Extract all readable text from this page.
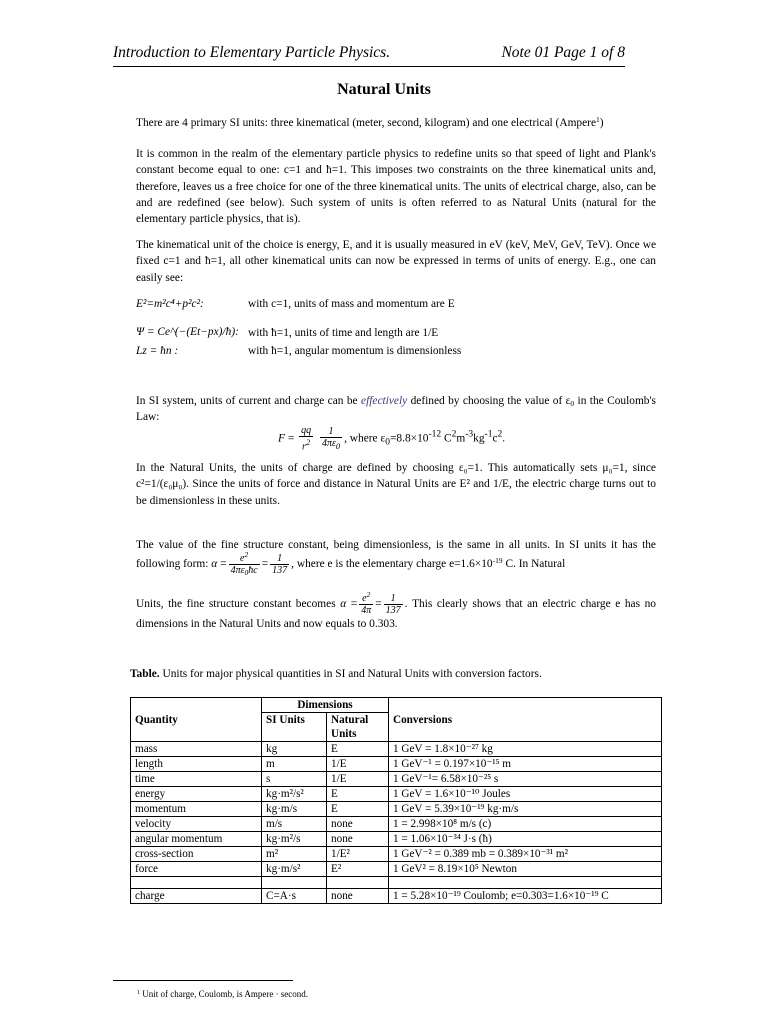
Introduction to Elementary Particle Physics.	Note 01 Page 1 of 8
Natural Units
There are 4 primary SI units: three kinematical (meter, second, kilogram) and one electrical (Ampere$^1$)
It is common in the realm of the elementary particle physics to redefine units so that speed of light and Plank's constant become equal to one: c=1 and ħ=1. This imposes two constraints on the three kinematical units and, therefore, leaves us a free choice for one of the three kinematical units. The units of electrical charge, also, can be and are redefined (see below). Such system of units is often referred to as Natural Units (natural for the elementary particle physics, that is).
The kinematical unit of the choice is energy, E, and it is usually measured in eV (keV, MeV, GeV, TeV). Once we fixed c=1 and ħ=1, all other kinematical units can now be expressed in terms of units of energy. E.g., one can easily see:
E²=m²c⁴+p²c²:	with c=1, units of mass and momentum are E
Ψ = Ce^(−(Et−px)/ħ): with ħ=1, units of time and length are 1/E
Lz = ħn :	with ħ=1, angular momentum is dimensionless
In SI system, units of current and charge can be effectively defined by choosing the value of $\varepsilon_0$ in the Coulomb's Law:
$F = \frac{qq}{r^2}$
$\frac{1}{4\pi\varepsilon_0}$ , where $\varepsilon_0=8.8\times 10^{-12}$ $C^2m^{-3}kg^{-1}c^2$.
In the Natural Units, the units of charge are defined by choosing ε₀=1. This automatically sets μ₀=1, since c²=1/(ε₀μ₀). Since the units of force and distance in Natural Units are E² and 1/E, the electric charge turns out to be dimensionless in these units.
The value of the fine structure constant, being dimensionless, is the same in all units. In SI units it has the following form: $\alpha = \frac{e^2}{4\pi\varepsilon_0ħc} = \frac{1}{137}$ , where e is the elementary charge $e=1.6\times 10^{-19}$ C. In Natural
Units, the fine structure constant becomes $\alpha = \frac{e^2}{4\pi} = \frac{1}{137}$ . This clearly shows that an electric charge e has no dimensions in the Natural Units and now equals to 0.303.
Table. Units for major physical quantities in SI and Natural Units with conversion factors.
Quantity	Dimensions		Conversions
	SI Units	Natural Units	
mass	kg	E	1 GeV = 1.8×10⁻²⁷ kg
length	m	1/E	1 GeV⁻¹ = 0.197×10⁻¹⁵ m
time	s	1/E	1 GeV⁻¹= 6.58×10⁻²⁵ s
energy	kg·m²/s²	E	1 GeV = 1.6×10⁻¹⁰ Joules
momentum	kg·m/s	E	1 GeV = 5.39×10⁻¹⁹ kg·m/s
velocity	m/s	none	1 = 2.998×10⁸ m/s (c)
angular momentum	kg·m²/s	none	1 = 1.06×10⁻³⁴ J·s (ħ)
cross-section	m²	1/E²	1 GeV⁻² = 0.389 mb = 0.389×10⁻³¹ m²
force	kg·m/s²	E²	1 GeV² = 8.19×10⁵ Newton

charge	C=A·s	none	1 = 5.28×10⁻¹⁹ Coulomb; e=0.303=1.6×10⁻¹⁹ C
$^1$ Unit of charge, Coulomb, is Ampere · second.
